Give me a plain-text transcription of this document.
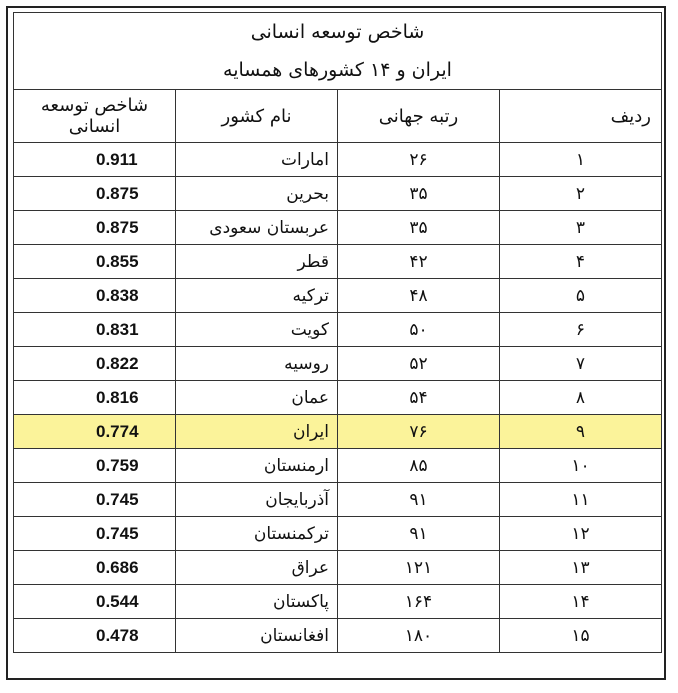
شاخص توسعه انسانی
ایران و ۱۴ کشورهای همسایه			

ردیف	رتبه جهانی	نام کشور	شاخص توسعه انسانی
۱	۲۶	امارات	0.911
۲	۳۵	بحرین	0.875
۳	۳۵	عربستان سعودی	0.875
۴	۴۲	قطر	0.855
۵	۴۸	ترکیه	0.838
۶	۵۰	کویت	0.831
۷	۵۲	روسیه	0.822
۸	۵۴	عمان	0.816
۹	۷۶	ایران	0.774
۱۰	۸۵	ارمنستان	0.759
۱۱	۹۱	آذربایجان	0.745
۱۲	۹۱	ترکمنستان	0.745
۱۳	۱۲۱	عراق	0.686
۱۴	۱۶۴	پاکستان	0.544
۱۵	۱۸۰	افغانستان	0.478
